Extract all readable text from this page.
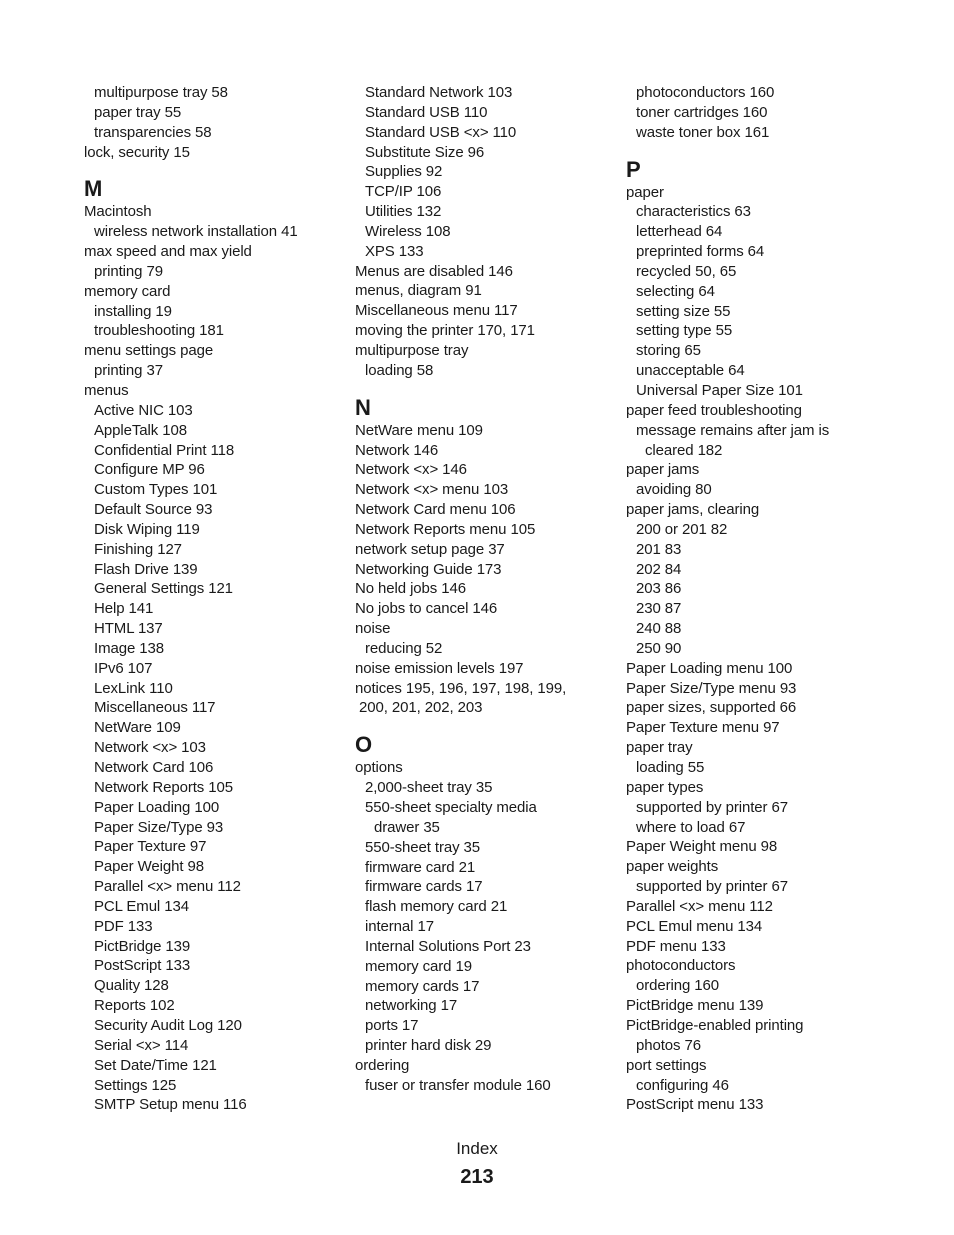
multipurpose tray 58
paper tray 55
transparencies 58
lock, security 15
M
Macintosh
wireless network installation 41
max speed and max yield
printing 79
memory card
installing 19
troubleshooting 181
menu settings page
printing 37
menus
Active NIC 103
AppleTalk 108
Confidential Print 118
Configure MP 96
Custom Types 101
Default Source 93
Disk Wiping 119
Finishing 127
Flash Drive 139
General Settings 121
Help 141
HTML 137
Image 138
IPv6 107
LexLink 110
Miscellaneous 117
NetWare 109
Network <x> 103
Network Card 106
Network Reports 105
Paper Loading 100
Paper Size/Type 93
Paper Texture 97
Paper Weight 98
Parallel <x> menu 112
PCL Emul 134
PDF 133
PictBridge 139
PostScript 133
Quality 128
Reports 102
Security Audit Log 120
Serial <x> 114
Set Date/Time 121
Settings 125
SMTP Setup menu 116
Standard Network 103
Standard USB 110
Standard USB <x> 110
Substitute Size 96
Supplies 92
TCP/IP 106
Utilities 132
Wireless 108
XPS 133
Menus are disabled 146
menus, diagram 91
Miscellaneous menu 117
moving the printer 170, 171
multipurpose tray
loading 58
N
NetWare menu 109
Network 146
Network <x> 146
Network <x> menu 103
Network Card menu 106
Network Reports menu 105
network setup page 37
Networking Guide 173
No held jobs 146
No jobs to cancel 146
noise
reducing 52
noise emission levels 197
notices 195, 196, 197, 198, 199,
200, 201, 202, 203
O
options
2,000-sheet tray 35
550-sheet specialty media
drawer 35
550-sheet tray 35
firmware card 21
firmware cards 17
flash memory card 21
internal 17
Internal Solutions Port 23
memory card 19
memory cards 17
networking 17
ports 17
printer hard disk 29
ordering
fuser or transfer module 160
photoconductors 160
toner cartridges 160
waste toner box 161
P
paper
characteristics 63
letterhead 64
preprinted forms 64
recycled 50, 65
selecting 64
setting size 55
setting type 55
storing 65
unacceptable 64
Universal Paper Size 101
paper feed troubleshooting
message remains after jam is
cleared 182
paper jams
avoiding 80
paper jams, clearing
200 or 201 82
201 83
202 84
203 86
230 87
240 88
250 90
Paper Loading menu 100
Paper Size/Type menu 93
paper sizes, supported 66
Paper Texture menu 97
paper tray
loading 55
paper types
supported by printer 67
where to load 67
Paper Weight menu 98
paper weights
supported by printer 67
Parallel <x> menu 112
PCL Emul menu 134
PDF menu 133
photoconductors
ordering 160
PictBridge menu 139
PictBridge-enabled printing
photos 76
port settings
configuring 46
PostScript menu 133
Index
213
